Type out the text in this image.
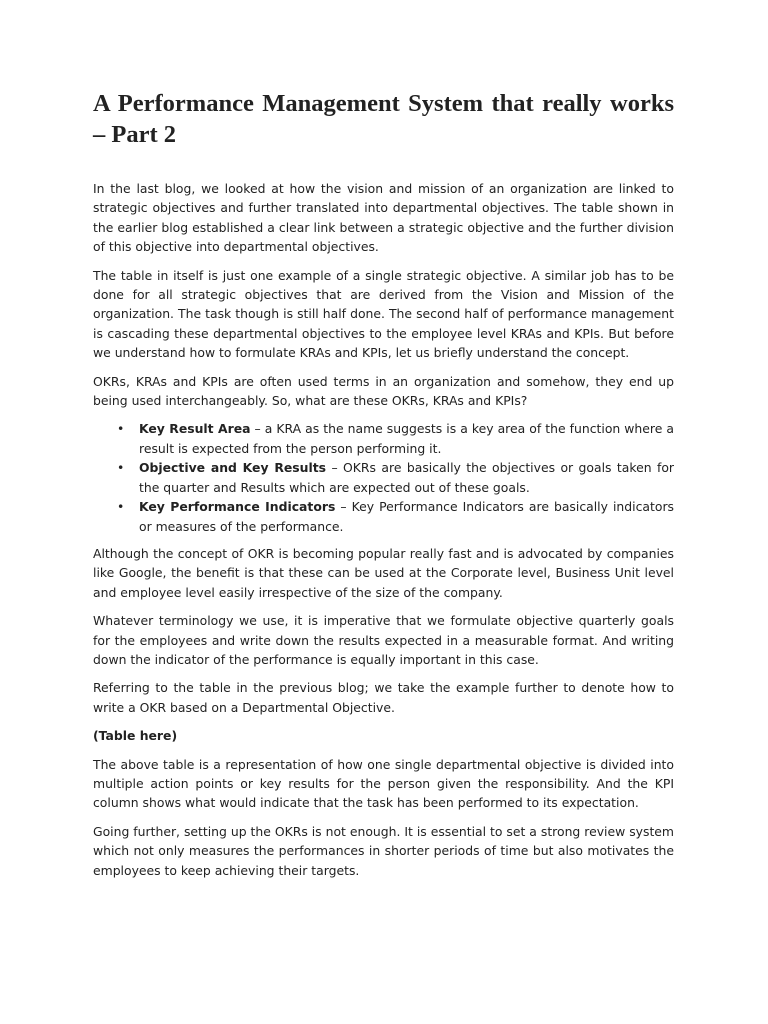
A Performance Management System that really works – Part 2

In the last blog, we looked at how the vision and mission of an organization are linked to strategic objectives and further translated into departmental objectives. The table shown in the earlier blog established a clear link between a strategic objective and the further division of this objective into departmental objectives.

The table in itself is just one example of a single strategic objective. A similar job has to be done for all strategic objectives that are derived from the Vision and Mission of the organization. The task though is still half done. The second half of performance management is cascading these departmental objectives to the employee level KRAs and KPIs. But before we understand how to formulate KRAs and KPIs, let us briefly understand the concept.

OKRs, KRAs and KPIs are often used terms in an organization and somehow, they end up being used interchangeably. So, what are these OKRs, KRAs and KPIs?

• Key Result Area – a KRA as the name suggests is a key area of the function where a result is expected from the person performing it.
• Objective and Key Results – OKRs are basically the objectives or goals taken for the quarter and Results which are expected out of these goals.
• Key Performance Indicators – Key Performance Indicators are basically indicators or measures of the performance.

Although the concept of OKR is becoming popular really fast and is advocated by companies like Google, the benefit is that these can be used at the Corporate level, Business Unit level and employee level easily irrespective of the size of the company.

Whatever terminology we use, it is imperative that we formulate objective quarterly goals for the employees and write down the results expected in a measurable format. And writing down the indicator of the performance is equally important in this case.

Referring to the table in the previous blog; we take the example further to denote how to write a OKR based on a Departmental Objective.

(Table here)

The above table is a representation of how one single departmental objective is divided into multiple action points or key results for the person given the responsibility. And the KPI column shows what would indicate that the task has been performed to its expectation.

Going further, setting up the OKRs is not enough. It is essential to set a strong review system which not only measures the performances in shorter periods of time but also motivates the employees to keep achieving their targets.
